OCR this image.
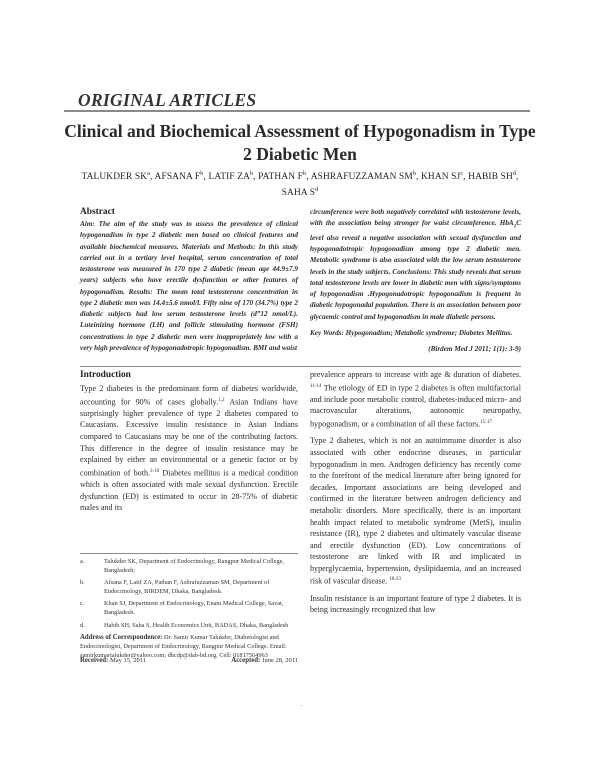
ORIGINAL ARTICLES
Clinical and Biochemical Assessment of Hypogonadism in Type 2 Diabetic Men
TALUKDER $SK^a$, AFSANA $F^b$, LATIF $ZA^b$, PATHAN $F^b$, ASHRAFUZZAMAN $SM^b$, KHAN $SJ^c$, HABIB $SH^d$, SAHA $S^d$
Abstract

Aim: The aim of the study was to assess the prevalence of clinical hypogonadism in type 2 diabetic men based on clinical features and available biochemical measures. Materials and Methods: In this study carried out in a tertiary level hospital, serum concentration of total testosterone was measured in 170 type 2 diabetic (mean age 44.9±7.9 years) subjects who have erectile dysfunction or other features of hypogonadism. Results: The mean total testosterone concentration in type 2 diabetic men was 14.4±5.6 nmol/l. Fifty nine of 170 (34.7%) type 2 diabetic subjects had low serum testosterone levels (d”12 nmol/L). Luteinizing hormone (LH) and follicle stimulating hormone (FSH) concentrations in type 2 diabetic men were inappropriately low with a very high prevalence of hypogonadotropic hypogonadism. BMI and waist

circumference were both negatively correlated with testosterone levels, with the association being stronger for waist circumference. HbA$_1$C level also reveal a negative association with sexual dysfunction and hypogonadotropic hypogonadism among type 2 diabetic men. Metabolic syndrome is also associated with the low serum testosterone levels in the study subjects. Conclusions: This study reveals that serum total testosterone levels are lower in diabetic men with signs/symptoms of hypogonadism .Hypogonadotropic hypogonadism is frequent in diabetic hypogonadal population. There is an association between poor glycaemic control and hypogonadism in male diabetic persons.

Key Words: Hypogonadism; Metabolic syndrome; Diabetes Mellitus.

(Birdem Med J 2011; 1(1): 3-9)

Introduction

Type 2 diabetes is the predominant form of diabetes worldwide, accounting for 90% of cases globally.$^{1,2}$ Asian Indians have surprisingly higher prevalence of type 2 diabetes compared to Caucasians. Excessive insulin resistance in Asian Indians compared to Caucasians may be one of the contributing factors. This difference in the degree of insulin resistance may be explained by either an environmental or a genetic factor or by combination of both.$^{3-10}$ Diabetes mellitus is a medical condition which is often associated with male sexual dysfunction. Erectile dysfunction (ED) is estimated to occur in 28-75% of diabetic males and its

prevalence appears to increase with age & duration of diabetes. $^{11-14}$ The etiology of ED in type 2 diabetes is often multifactorial and include poor metabolic control, diabetes-induced micro- and macrovascular alterations, autonomic neuropathy, hypogonadism, or a combination of all these factors.$^{15-17}$

Type 2 diabetes, which is not an autoimmune disorder is also associated with other endocrine diseases, in particular hypogonadism in men. Androgen deficiency has recently come to the forefront of the medical literature after being ignored for decades. Important associations are being developed and confirmed in the literature between androgen deficiency and metabolic disorders. More specifically, there is an important health impact related to metabolic syndrome (MetS), insulin resistance (IR), type 2 diabetes and ultimately vascular disease and erectile dysfunction (ED). Low concentrations of testosterone are linked with IR and implicated in hyperglycaemia, hypertension, dyslipidaemia, and an increased risk of vascular disease. $^{18-23}$

Insulin resistance is an important feature of type 2 diabetes. It is being increasingly recognized that low

a.	Talukder SK, Department of Endocrinology, Rangpur Medical College, Bangladesh;
b.	Afsana F, Latif ZA, Pathan F, Ashrafuzzaman SM, Department of Endocrinology, BIRDEM, Dhaka, Bangladesh.
c.	Khan SJ, Department of Endocrinology, Enam Medical College, Savar, Bangladesh.
d.	Habib SH, Saha S, Health Economics Unit, BADAS, Dhaka, Bangladesh
Address of Correspondence: Dr. Samir Kumar Talukder, Diabetologist and Endocrinologist, Department of Endocrinology, Rangpur Medical College. Email: samirkumartalukder@yahoo.com; dhcdp@dab-bd.org, Cell: 01817564963
Received: May 15, 2011	Accepted: June 28, 2011
.
